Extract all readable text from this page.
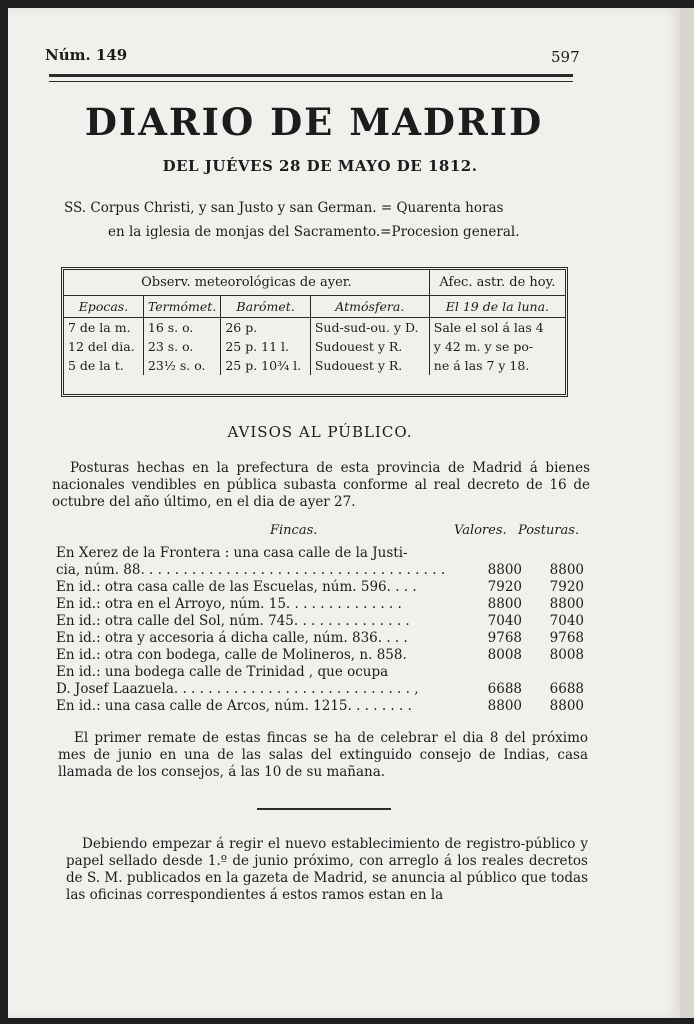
Núm. 149	597
DIARIO DE MADRID
DEL JUÉVES 28 DE MAYO DE 1812.
SS. Corpus Christi, y san Justo y san German. = Quarenta horas
en la iglesia de monjas del Sacramento.=Procesion general.
Observ. meteorológicas de ayer.				Afec. astr. de hoy.
Epocas.	Termómet.	Barómet.	Atmósfera.	El 19 de la luna.
7 de la m.	16 s. o.	26 p.	Sud-sud-ou. y D.	Sale el sol á las 4
12 del dia.	23 s. o.	25 p. 11 l.	Sudouest y R.	y 42 m. y se po-
5 de la t.	23½ s. o.	25 p. 10¾ l.	Sudouest y R.	ne á las 7 y 18.
AVISOS AL PÚBLICO.
Posturas hechas en la prefectura de esta provincia de Madrid á bienes nacionales vendibles en pública subasta conforme al real decreto de 16 de octubre del año último, en el dia de ayer 27.
Fincas.	Valores. Posturas.
En Xerez de la Frontera : una casa calle de la Justi-
cia, núm. 88. . . . . . . . . . . . . . . . . . . . . . . . . . . . . . . . . . . .	8800	8800
En id.: otra casa calle de las Escuelas, núm. 596. . . .	7920	7920
En id.: otra en el Arroyo, núm. 15. . . . . . . . . . . . . .	8800	8800
En id.: otra calle del Sol, núm. 745. . . . . . . . . . . . . .	7040	7040
En id.: otra y accesoria á dicha calle, núm. 836. . . .	9768	9768
En id.: otra con bodega, calle de Molineros, n. 858.	8008	8008
En id.: una bodega calle de Trinidad , que ocupa
D. Josef Laazuela. . . . . . . . . . . . . . . . . . . . . . . . . . . . ,	6688	6688
En id.: una casa calle de Arcos, núm. 1215. . . . . . . .	8800	8800
El primer remate de estas fincas se ha de celebrar el dia 8 del próximo mes de junio en una de las salas del extinguido consejo de Indias, casa llamada de los consejos, á las 10 de su mañana.
Debiendo empezar á regir el nuevo establecimiento de registro-público y papel sellado desde 1.º de junio próximo, con arreglo á los reales decretos de S. M. publicados en la gazeta de Madrid, se anuncia al público que todas las oficinas correspondientes á estos ramos estan en la
